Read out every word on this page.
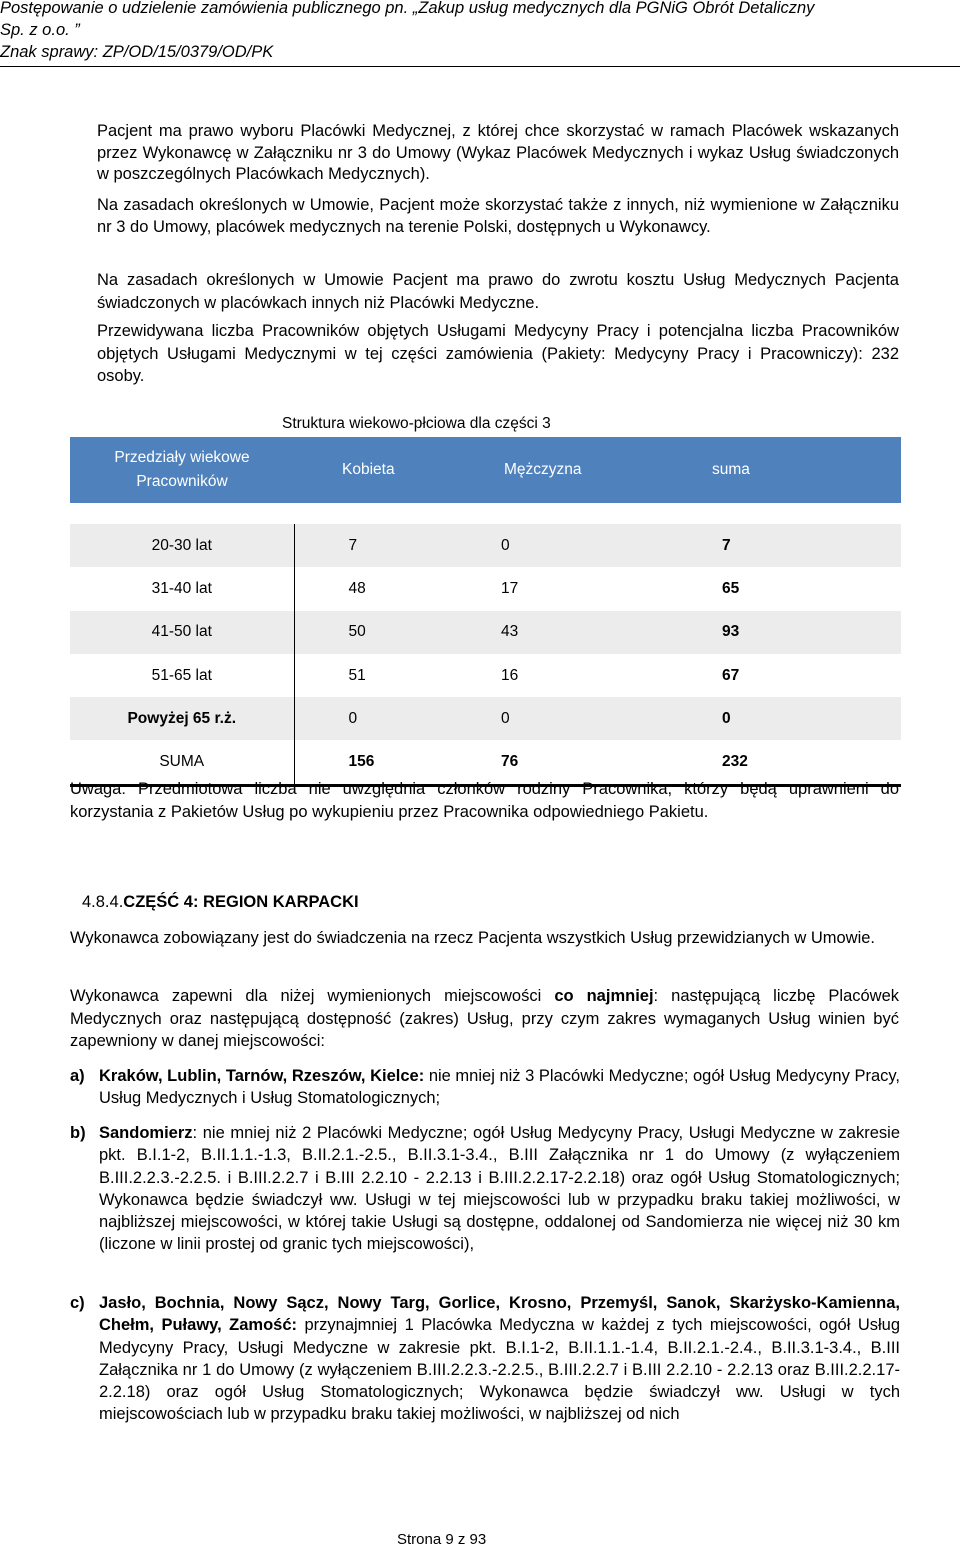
Postępowanie o udzielenie zamówienia publicznego pn. „Zakup usług medycznych dla PGNiG Obrót Detaliczny
Sp. z o.o. ”
Znak sprawy: ZP/OD/15/0379/OD/PK

Pacjent ma prawo wyboru Placówki Medycznej, z której chce skorzystać w ramach Placówek wskazanych przez Wykonawcę w Załączniku nr 3 do Umowy (Wykaz Placówek Medycznych i wykaz Usług świadczonych w poszczególnych Placówkach Medycznych).

Na zasadach określonych w Umowie, Pacjent może skorzystać także z innych, niż wymienione w Załączniku nr 3 do Umowy, placówek medycznych na terenie Polski, dostępnych u Wykonawcy.

Na zasadach określonych w Umowie Pacjent ma prawo do zwrotu kosztu Usług Medycznych Pacjenta świadczonych w placówkach innych niż Placówki Medyczne.

Przewidywana liczba Pracowników objętych Usługami Medycyny Pracy i potencjalna liczba Pracowników objętych Usługami Medycznymi w tej części zamówienia (Pakiety: Medycyny Pracy i Pracowniczy): 232 osoby.

Struktura wiekowo-płciowa dla części 3
Przedziały wiekowe Pracowników	Kobieta	Mężczyzna	suma

20-30 lat	7	0	7
31-40 lat	48	17	65
41-50 lat	50	43	93
51-65 lat	51	16	67
Powyżej 65 r.ż.	0	0	0
SUMA	156	76	232

Uwaga: Przedmiotowa liczba nie uwzględnia członków rodziny Pracownika, którzy będą uprawnieni do korzystania z Pakietów Usług po wykupieniu przez Pracownika odpowiedniego Pakietu.

4.8.4.CZĘŚĆ 4: REGION KARPACKI

Wykonawca zobowiązany jest do świadczenia na rzecz Pacjenta wszystkich Usług przewidzianych w Umowie.

Wykonawca zapewni dla niżej wymienionych miejscowości co najmniej: następującą liczbę Placówek Medycznych oraz następującą dostępność (zakres) Usług, przy czym zakres wymaganych Usług winien być zapewniony w danej miejscowości:

a) Kraków, Lublin, Tarnów, Rzeszów, Kielce: nie mniej niż 3 Placówki Medyczne; ogół Usług Medycyny Pracy, Usług Medycznych i Usług Stomatologicznych;
b) Sandomierz: nie mniej niż 2 Placówki Medyczne; ogół Usług Medycyny Pracy, Usługi Medyczne w zakresie pkt. B.I.1-2, B.II.1.1.-1.3, B.II.2.1.-2.5., B.II.3.1-3.4., B.III Załącznika nr 1 do Umowy (z wyłączeniem B.III.2.2.3.-2.2.5. i B.III.2.2.7 i B.III 2.2.10 - 2.2.13 i B.III.2.2.17-2.2.18) oraz ogół Usług Stomatologicznych; Wykonawca będzie świadczył ww. Usługi w tej miejscowości lub w przypadku braku takiej możliwości, w najbliższej miejscowości, w której takie Usługi są dostępne, oddalonej od Sandomierza nie więcej niż 30 km (liczone w linii prostej od granic tych miejscowości),
c) Jasło, Bochnia, Nowy Sącz, Nowy Targ, Gorlice, Krosno, Przemyśl, Sanok, Skarżysko-Kamienna, Chełm, Puławy, Zamość: przynajmniej 1 Placówka Medyczna w każdej z tych miejscowości, ogół Usług Medycyny Pracy, Usługi Medyczne w zakresie pkt. B.I.1-2, B.II.1.1.-1.4, B.II.2.1.-2.4., B.II.3.1-3.4., B.III Załącznika nr 1 do Umowy (z wyłączeniem B.III.2.2.3.-2.2.5., B.III.2.2.7 i B.III 2.2.10 - 2.2.13 oraz B.III.2.2.17-2.2.18) oraz ogół Usług Stomatologicznych; Wykonawca będzie świadczył ww. Usługi w tych miejscowościach lub w przypadku braku takiej możliwości, w najbliższej od nich
Strona 9 z 93
